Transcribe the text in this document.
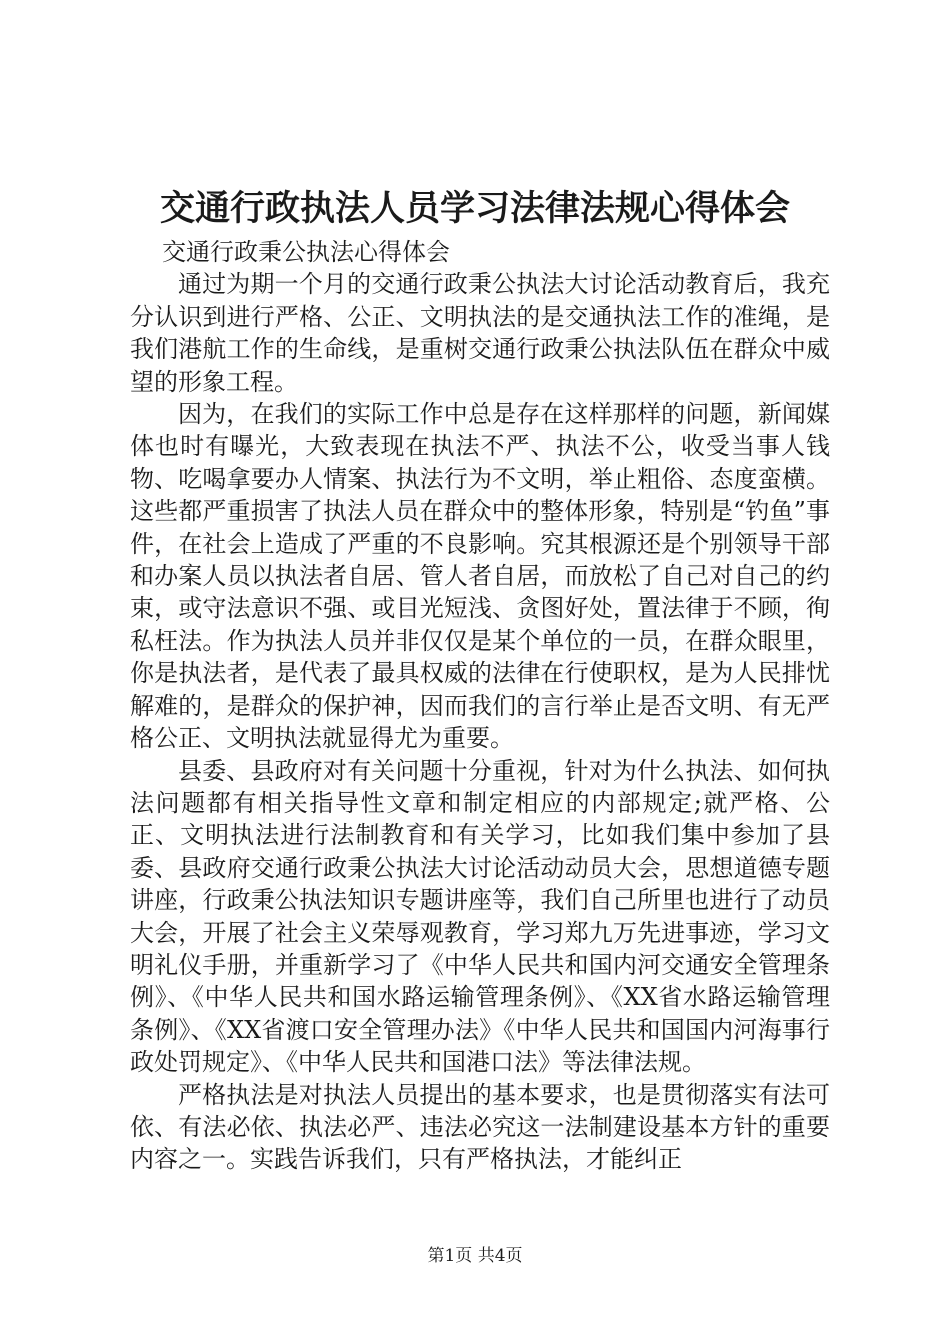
交通行政执法人员学习法律法规心得体会

交通行政秉公执法心得体会

通过为期一个月的交通行政秉公执法大讨论活动教育后，我充分认识到进行严格、公正、文明执法的是交通执法工作的准绳，是我们港航工作的生命线，是重树交通行政秉公执法队伍在群众中威望的形象工程。

因为，在我们的实际工作中总是存在这样那样的问题，新闻媒体也时有曝光，大致表现在执法不严、执法不公，收受当事人钱物、吃喝拿要办人情案、执法行为不文明，举止粗俗、态度蛮横。这些都严重损害了执法人员在群众中的整体形象，特别是“钓鱼”事件，在社会上造成了严重的不良影响。究其根源还是个别领导干部和办案人员以执法者自居、管人者自居，而放松了自己对自己的约束，或守法意识不强、或目光短浅、贪图好处，置法律于不顾，徇私枉法。作为执法人员并非仅仅是某个单位的一员，在群众眼里，你是执法者，是代表了最具权威的法律在行使职权，是为人民排忧解难的，是群众的保护神，因而我们的言行举止是否文明、有无严格公正、文明执法就显得尤为重要。

县委、县政府对有关问题十分重视，针对为什么执法、如何执法问题都有相关指导性文章和制定相应的内部规定;就严格、公正、文明执法进行法制教育和有关学习，比如我们集中参加了县委、县政府交通行政秉公执法大讨论活动动员大会，思想道德专题讲座，行政秉公执法知识专题讲座等，我们自己所里也进行了动员大会，开展了社会主义荣辱观教育，学习郑九万先进事迹，学习文明礼仪手册，并重新学习了《中华人民共和国内河交通安全管理条例》、《中华人民共和国水路运输管理条例》、《XX省水路运输管理条例》、《XX省渡口安全管理办法》《中华人民共和国国内河海事行政处罚规定》、《中华人民共和国港口法》等法律法规。

严格执法是对执法人员提出的基本要求，也是贯彻落实有法可依、有法必依、执法必严、违法必究这一法制建设基本方针的重要内容之一。实践告诉我们，只有严格执法，才能纠正

第1页 共4页
